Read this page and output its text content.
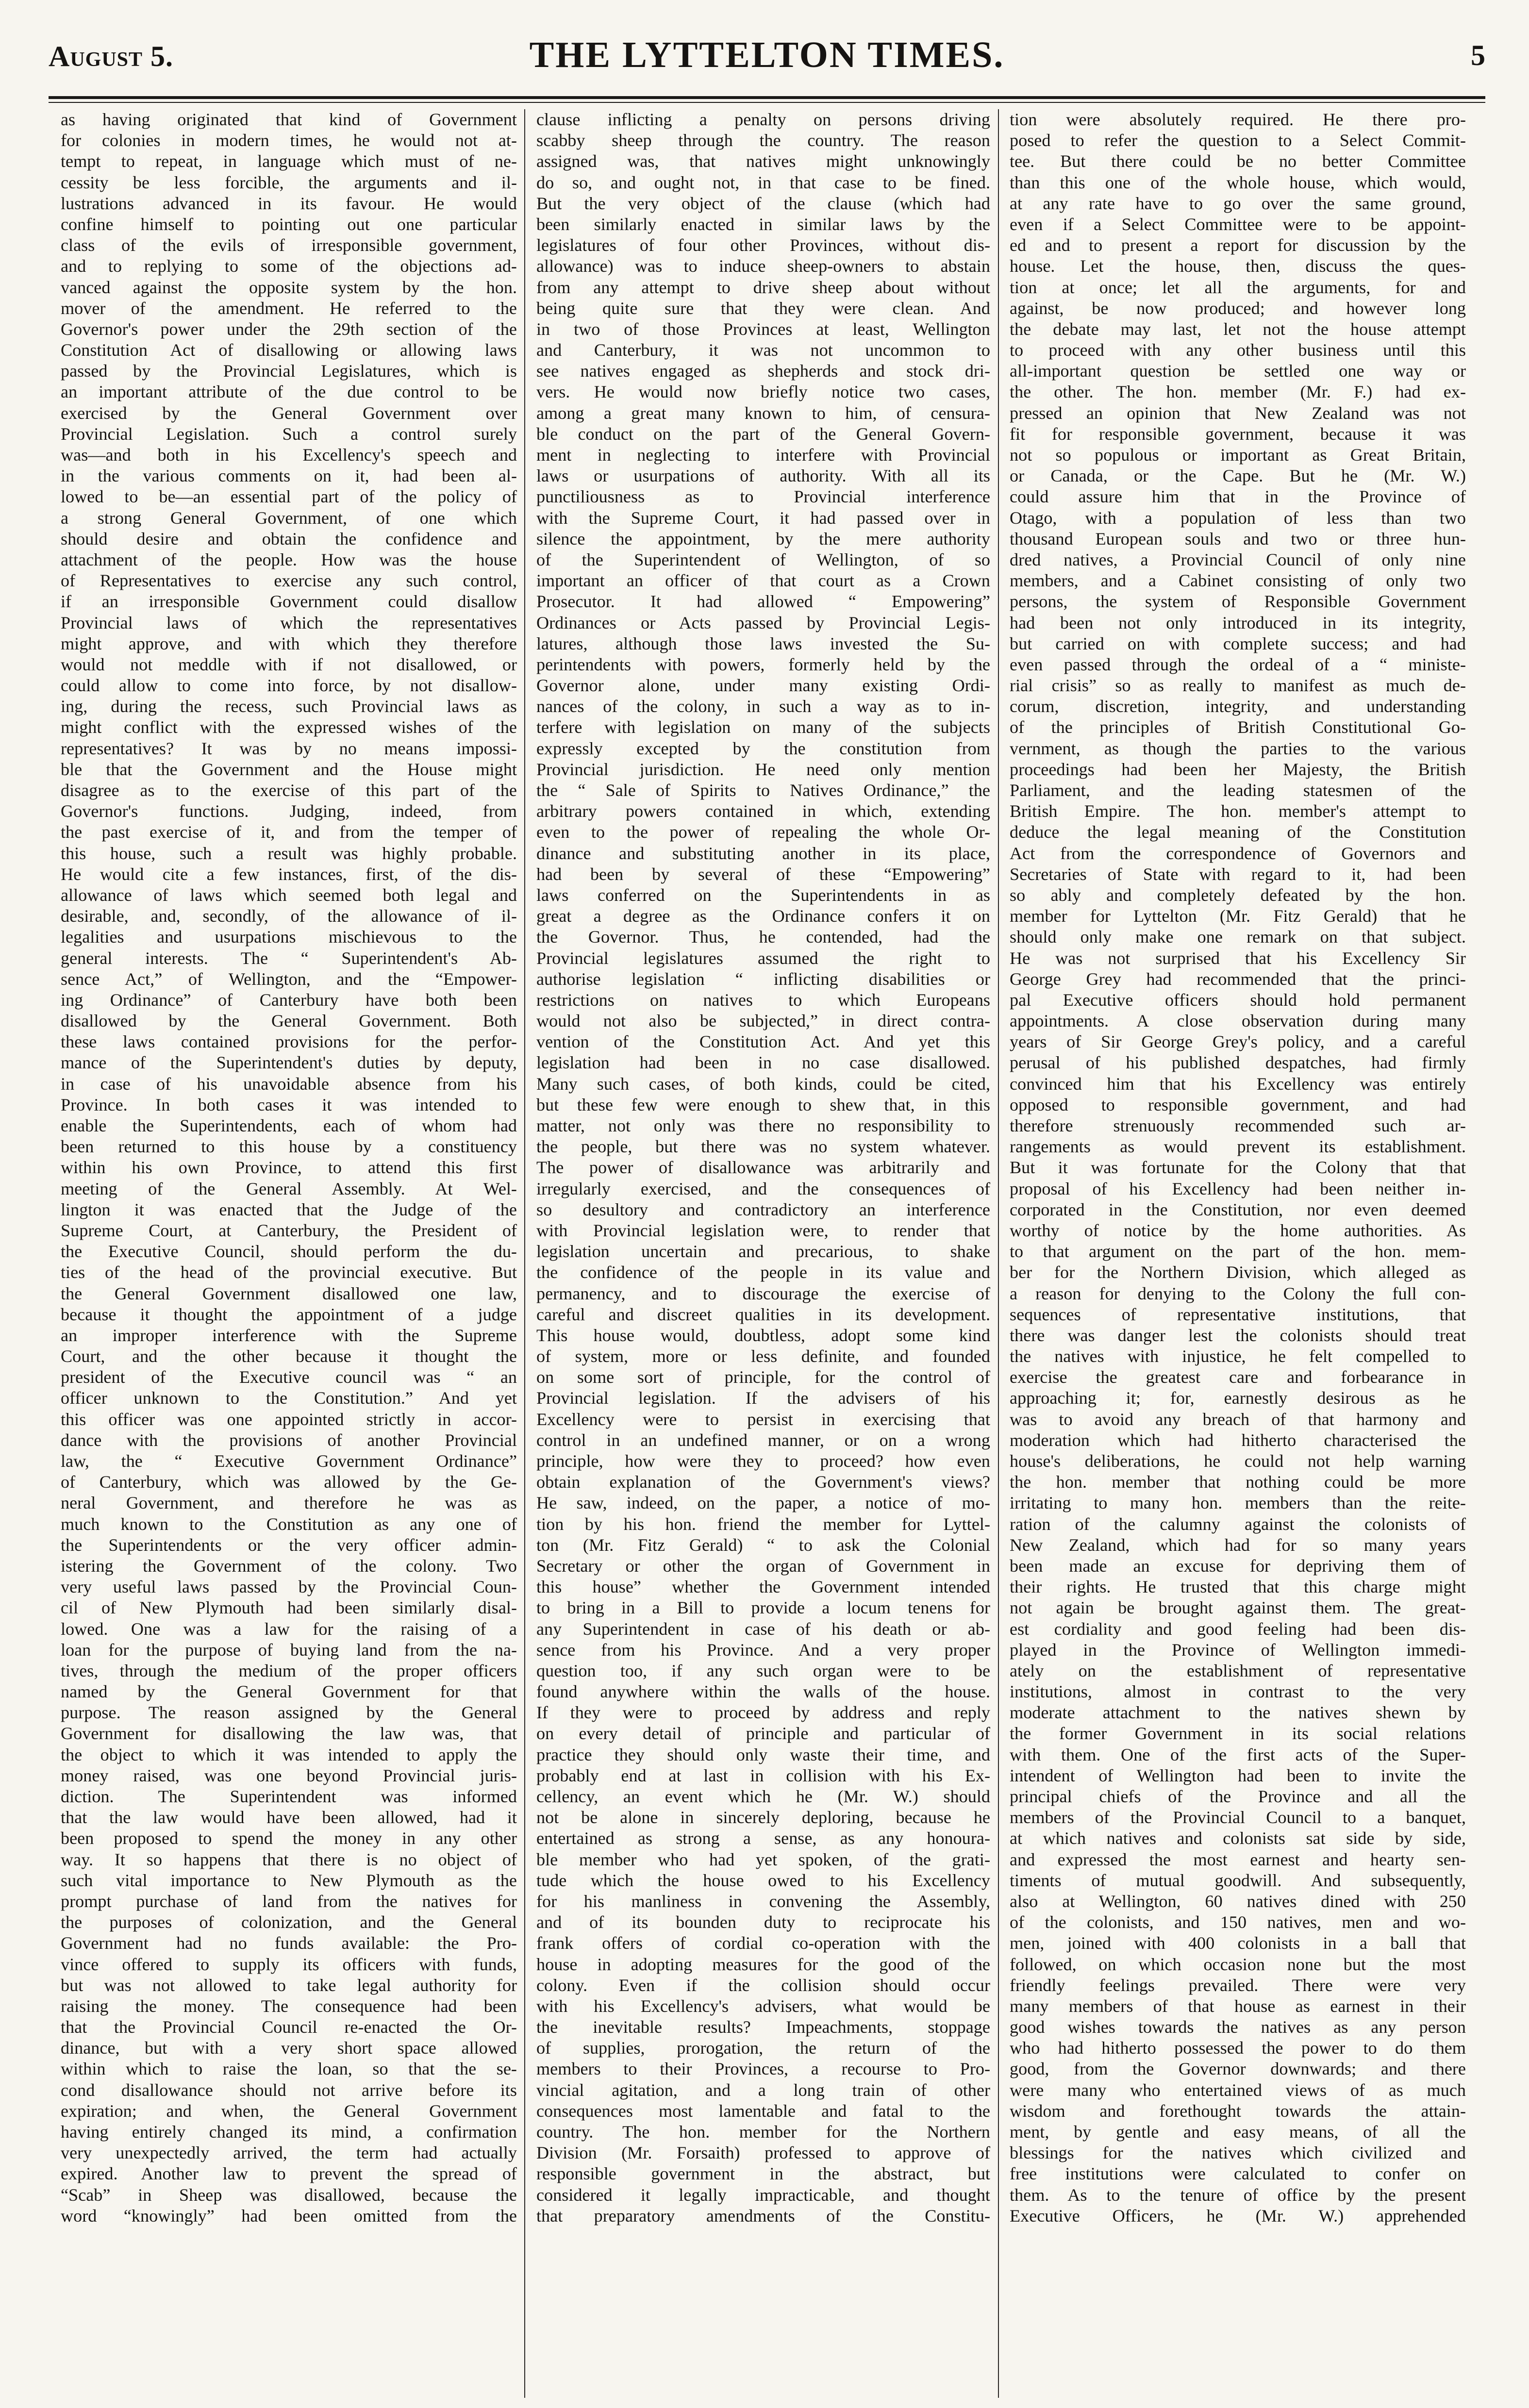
August 5.	THE LYTTELTON TIMES.	5
as having originated that kind of Government
for colonies in modern times, he would not at-
tempt to repeat, in language which must of ne-
cessity be less forcible, the arguments and il-
lustrations advanced in its favour. He would
confine himself to pointing out one particular
class of the evils of irresponsible government,
and to replying to some of the objections ad-
vanced against the opposite system by the hon.
mover of the amendment. He referred to the
Governor's power under the 29th section of the
Constitution Act of disallowing or allowing laws
passed by the Provincial Legislatures, which is
an important attribute of the due control to be
exercised by the General Government over
Provincial Legislation. Such a control surely
was—and both in his Excellency's speech and
in the various comments on it, had been al-
lowed to be—an essential part of the policy of
a strong General Government, of one which
should desire and obtain the confidence and
attachment of the people. How was the house
of Representatives to exercise any such control,
if an irresponsible Government could disallow
Provincial laws of which the representatives
might approve, and with which they therefore
would not meddle with if not disallowed, or
could allow to come into force, by not disallow-
ing, during the recess, such Provincial laws as
might conflict with the expressed wishes of the
representatives? It was by no means impossi-
ble that the Government and the House might
disagree as to the exercise of this part of the
Governor's functions. Judging, indeed, from
the past exercise of it, and from the temper of
this house, such a result was highly probable.
He would cite a few instances, first, of the dis-
allowance of laws which seemed both legal and
desirable, and, secondly, of the allowance of il-
legalities and usurpations mischievous to the
general interests. The “ Superintendent's Ab-
sence Act,” of Wellington, and the “Empower-
ing Ordinance” of Canterbury have both been
disallowed by the General Government. Both
these laws contained provisions for the perfor-
mance of the Superintendent's duties by deputy,
in case of his unavoidable absence from his
Province. In both cases it was intended to
enable the Superintendents, each of whom had
been returned to this house by a constituency
within his own Province, to attend this first
meeting of the General Assembly. At Wel-
lington it was enacted that the Judge of the
Supreme Court, at Canterbury, the President of
the Executive Council, should perform the du-
ties of the head of the provincial executive. But
the General Government disallowed one law,
because it thought the appointment of a judge
an improper interference with the Supreme
Court, and the other because it thought the
president of the Executive council was “ an
officer unknown to the Constitution.” And yet
this officer was one appointed strictly in accor-
dance with the provisions of another Provincial
law, the “ Executive Government Ordinance”
of Canterbury, which was allowed by the Ge-
neral Government, and therefore he was as
much known to the Constitution as any one of
the Superintendents or the very officer admin-
istering the Government of the colony. Two
very useful laws passed by the Provincial Coun-
cil of New Plymouth had been similarly disal-
lowed. One was a law for the raising of a
loan for the purpose of buying land from the na-
tives, through the medium of the proper officers
named by the General Government for that
purpose. The reason assigned by the General
Government for disallowing the law was, that
the object to which it was intended to apply the
money raised, was one beyond Provincial juris-
diction. The Superintendent was informed
that the law would have been allowed, had it
been proposed to spend the money in any other
way. It so happens that there is no object of
such vital importance to New Plymouth as the
prompt purchase of land from the natives for
the purposes of colonization, and the General
Government had no funds available: the Pro-
vince offered to supply its officers with funds,
but was not allowed to take legal authority for
raising the money. The consequence had been
that the Provincial Council re-enacted the Or-
dinance, but with a very short space allowed
within which to raise the loan, so that the se-
cond disallowance should not arrive before its
expiration; and when, the General Government
having entirely changed its mind, a confirmation
very unexpectedly arrived, the term had actually
expired. Another law to prevent the spread of
“Scab” in Sheep was disallowed, because the
word “knowingly” had been omitted from the
clause inflicting a penalty on persons driving
scabby sheep through the country. The reason
assigned was, that natives might unknowingly
do so, and ought not, in that case to be fined.
But the very object of the clause (which had
been similarly enacted in similar laws by the
legislatures of four other Provinces, without dis-
allowance) was to induce sheep-owners to abstain
from any attempt to drive sheep about without
being quite sure that they were clean. And
in two of those Provinces at least, Wellington
and Canterbury, it was not uncommon to
see natives engaged as shepherds and stock dri-
vers. He would now briefly notice two cases,
among a great many known to him, of censura-
ble conduct on the part of the General Govern-
ment in neglecting to interfere with Provincial
laws or usurpations of authority. With all its
punctiliousness as to Provincial interference
with the Supreme Court, it had passed over in
silence the appointment, by the mere authority
of the Superintendent of Wellington, of so
important an officer of that court as a Crown
Prosecutor. It had allowed “ Empowering”
Ordinances or Acts passed by Provincial Legis-
latures, although those laws invested the Su-
perintendents with powers, formerly held by the
Governor alone, under many existing Ordi-
nances of the colony, in such a way as to in-
terfere with legislation on many of the subjects
expressly excepted by the constitution from
Provincial jurisdiction. He need only mention
the “ Sale of Spirits to Natives Ordinance,” the
arbitrary powers contained in which, extending
even to the power of repealing the whole Or-
dinance and substituting another in its place,
had been by several of these “Empowering”
laws conferred on the Superintendents in as
great a degree as the Ordinance confers it on
the Governor. Thus, he contended, had the
Provincial legislatures assumed the right to
authorise legislation “ inflicting disabilities or
restrictions on natives to which Europeans
would not also be subjected,” in direct contra-
vention of the Constitution Act. And yet this
legislation had been in no case disallowed.
Many such cases, of both kinds, could be cited,
but these few were enough to shew that, in this
matter, not only was there no responsibility to
the people, but there was no system whatever.
The power of disallowance was arbitrarily and
irregularly exercised, and the consequences of
so desultory and contradictory an interference
with Provincial legislation were, to render that
legislation uncertain and precarious, to shake
the confidence of the people in its value and
permanency, and to discourage the exercise of
careful and discreet qualities in its development.
This house would, doubtless, adopt some kind
of system, more or less definite, and founded
on some sort of principle, for the control of
Provincial legislation. If the advisers of his
Excellency were to persist in exercising that
control in an undefined manner, or on a wrong
principle, how were they to proceed? how even
obtain explanation of the Government's views?
He saw, indeed, on the paper, a notice of mo-
tion by his hon. friend the member for Lyttel-
ton (Mr. Fitz Gerald) “ to ask the Colonial
Secretary or other the organ of Government in
this house” whether the Government intended
to bring in a Bill to provide a locum tenens for
any Superintendent in case of his death or ab-
sence from his Province. And a very proper
question too, if any such organ were to be
found anywhere within the walls of the house.
If they were to proceed by address and reply
on every detail of principle and particular of
practice they should only waste their time, and
probably end at last in collision with his Ex-
cellency, an event which he (Mr. W.) should
not be alone in sincerely deploring, because he
entertained as strong a sense, as any honoura-
ble member who had yet spoken, of the grati-
tude which the house owed to his Excellency
for his manliness in convening the Assembly,
and of its bounden duty to reciprocate his
frank offers of cordial co-operation with the
house in adopting measures for the good of the
colony. Even if the collision should occur
with his Excellency's advisers, what would be
the inevitable results? Impeachments, stoppage
of supplies, prorogation, the return of the
members to their Provinces, a recourse to Pro-
vincial agitation, and a long train of other
consequences most lamentable and fatal to the
country. The hon. member for the Northern
Division (Mr. Forsaith) professed to approve of
responsible government in the abstract, but
considered it legally impracticable, and thought
that preparatory amendments of the Constitu-
tion were absolutely required. He there pro-
posed to refer the question to a Select Commit-
tee. But there could be no better Committee
than this one of the whole house, which would,
at any rate have to go over the same ground,
even if a Select Committee were to be appoint-
ed and to present a report for discussion by the
house. Let the house, then, discuss the ques-
tion at once; let all the arguments, for and
against, be now produced; and however long
the debate may last, let not the house attempt
to proceed with any other business until this
all-important question be settled one way or
the other. The hon. member (Mr. F.) had ex-
pressed an opinion that New Zealand was not
fit for responsible government, because it was
not so populous or important as Great Britain,
or Canada, or the Cape. But he (Mr. W.)
could assure him that in the Province of
Otago, with a population of less than two
thousand European souls and two or three hun-
dred natives, a Provincial Council of only nine
members, and a Cabinet consisting of only two
persons, the system of Responsible Government
had been not only introduced in its integrity,
but carried on with complete success; and had
even passed through the ordeal of a “ ministe-
rial crisis” so as really to manifest as much de-
corum, discretion, integrity, and understanding
of the principles of British Constitutional Go-
vernment, as though the parties to the various
proceedings had been her Majesty, the British
Parliament, and the leading statesmen of the
British Empire. The hon. member's attempt to
deduce the legal meaning of the Constitution
Act from the correspondence of Governors and
Secretaries of State with regard to it, had been
so ably and completely defeated by the hon.
member for Lyttelton (Mr. Fitz Gerald) that he
should only make one remark on that subject.
He was not surprised that his Excellency Sir
George Grey had recommended that the princi-
pal Executive officers should hold permanent
appointments. A close observation during many
years of Sir George Grey's policy, and a careful
perusal of his published despatches, had firmly
convinced him that his Excellency was entirely
opposed to responsible government, and had
therefore strenuously recommended such ar-
rangements as would prevent its establishment.
But it was fortunate for the Colony that that
proposal of his Excellency had been neither in-
corporated in the Constitution, nor even deemed
worthy of notice by the home authorities. As
to that argument on the part of the hon. mem-
ber for the Northern Division, which alleged as
a reason for denying to the Colony the full con-
sequences of representative institutions, that
there was danger lest the colonists should treat
the natives with injustice, he felt compelled to
exercise the greatest care and forbearance in
approaching it; for, earnestly desirous as he
was to avoid any breach of that harmony and
moderation which had hitherto characterised the
house's deliberations, he could not help warning
the hon. member that nothing could be more
irritating to many hon. members than the reite-
ration of the calumny against the colonists of
New Zealand, which had for so many years
been made an excuse for depriving them of
their rights. He trusted that this charge might
not again be brought against them. The great-
est cordiality and good feeling had been dis-
played in the Province of Wellington immedi-
ately on the establishment of representative
institutions, almost in contrast to the very
moderate attachment to the natives shewn by
the former Government in its social relations
with them. One of the first acts of the Super-
intendent of Wellington had been to invite the
principal chiefs of the Province and all the
members of the Provincial Council to a banquet,
at which natives and colonists sat side by side,
and expressed the most earnest and hearty sen-
timents of mutual goodwill. And subsequently,
also at Wellington, 60 natives dined with 250
of the colonists, and 150 natives, men and wo-
men, joined with 400 colonists in a ball that
followed, on which occasion none but the most
friendly feelings prevailed. There were very
many members of that house as earnest in their
good wishes towards the natives as any person
who had hitherto possessed the power to do them
good, from the Governor downwards; and there
were many who entertained views of as much
wisdom and forethought towards the attain-
ment, by gentle and easy means, of all the
blessings for the natives which civilized and
free institutions were calculated to confer on
them. As to the tenure of office by the present
Executive Officers, he (Mr. W.) apprehended
